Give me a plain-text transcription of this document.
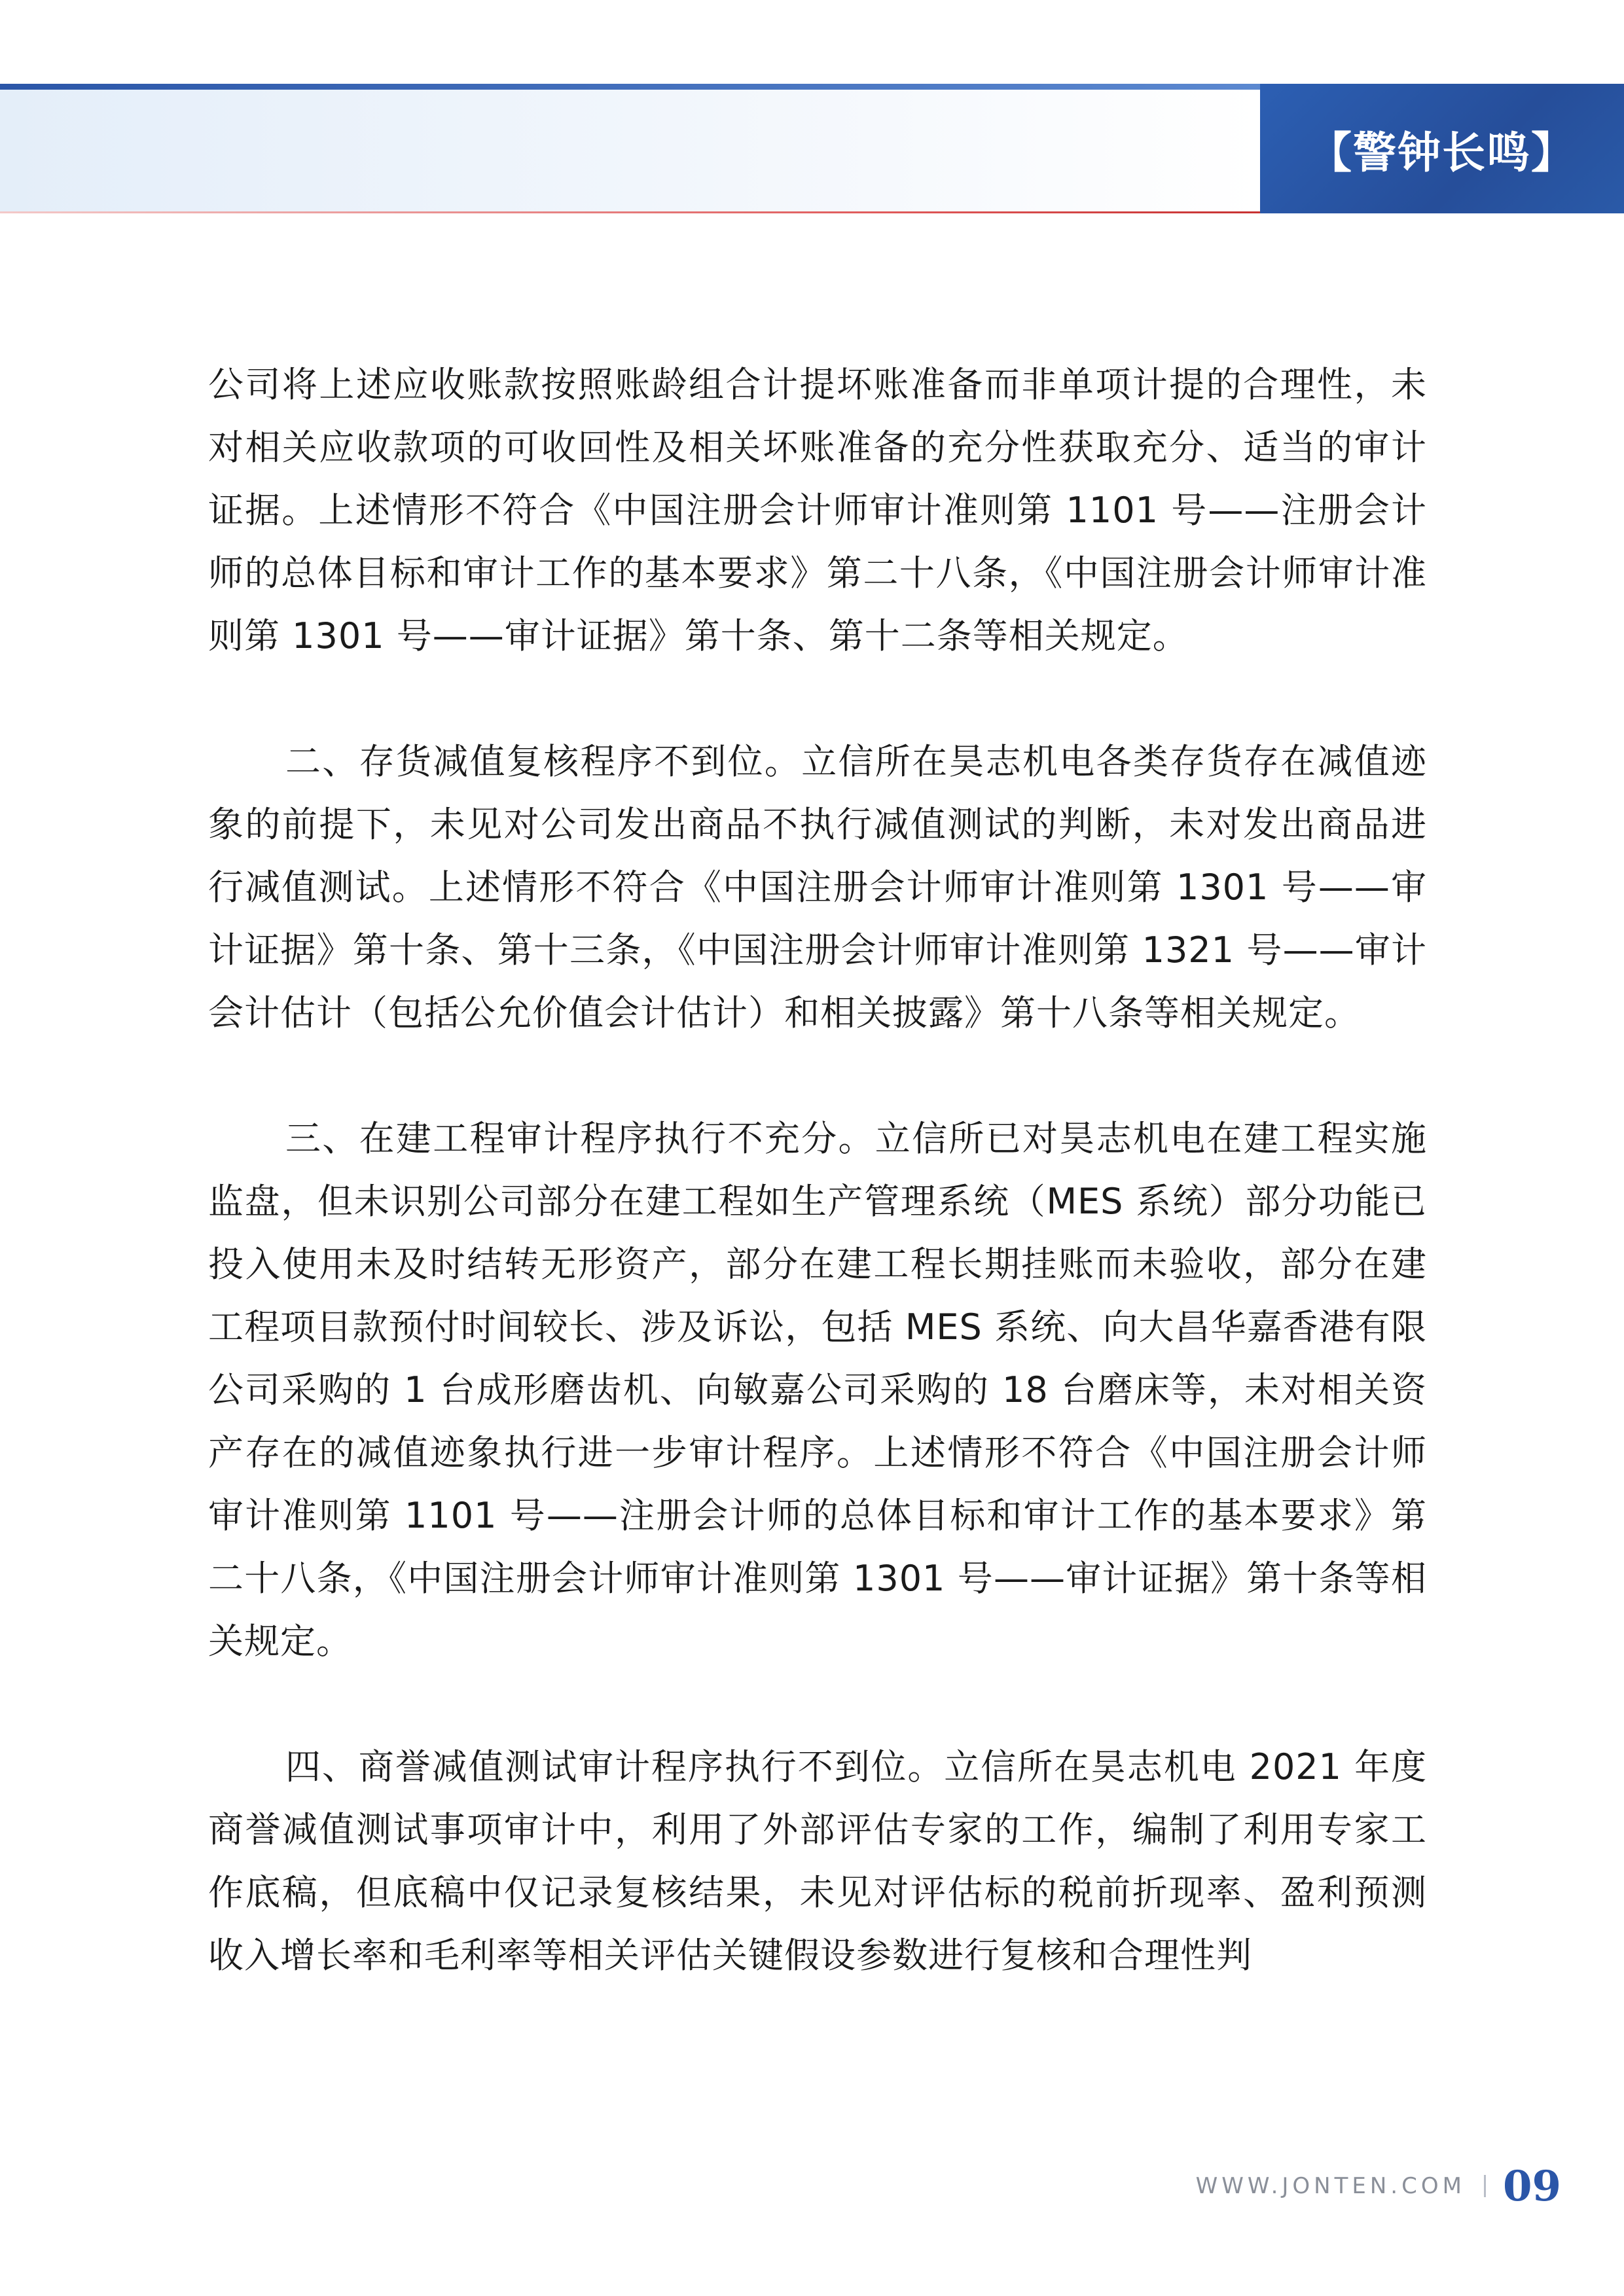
【警钟长鸣】

公司将上述应收账款按照账龄组合计提坏账准备而非单项计提的合理性，未对相关应收款项的可收回性及相关坏账准备的充分性获取充分、适当的审计证据。上述情形不符合《中国注册会计师审计准则第 1101 号——注册会计师的总体目标和审计工作的基本要求》第二十八条，《中国注册会计师审计准则第 1301 号——审计证据》第十条、第十二条等相关规定。

二、存货减值复核程序不到位。立信所在昊志机电各类存货存在减值迹象的前提下，未见对公司发出商品不执行减值测试的判断，未对发出商品进行减值测试。上述情形不符合《中国注册会计师审计准则第 1301 号——审计证据》第十条、第十三条，《中国注册会计师审计准则第 1321 号——审计会计估计（包括公允价值会计估计）和相关披露》第十八条等相关规定。

三、在建工程审计程序执行不充分。立信所已对昊志机电在建工程实施监盘，但未识别公司部分在建工程如生产管理系统（MES 系统）部分功能已投入使用未及时结转无形资产，部分在建工程长期挂账而未验收，部分在建工程项目款预付时间较长、涉及诉讼，包括 MES 系统、向大昌华嘉香港有限公司采购的 1 台成形磨齿机、向敏嘉公司采购的 18 台磨床等，未对相关资产存在的减值迹象执行进一步审计程序。上述情形不符合《中国注册会计师审计准则第 1101 号——注册会计师的总体目标和审计工作的基本要求》第二十八条，《中国注册会计师审计准则第 1301 号——审计证据》第十条等相关规定。

四、商誉减值测试审计程序执行不到位。立信所在昊志机电 2021 年度商誉减值测试事项审计中，利用了外部评估专家的工作，编制了利用专家工作底稿，但底稿中仅记录复核结果，未见对评估标的税前折现率、盈利预测收入增长率和毛利率等相关评估关键假设参数进行复核和合理性判

WWW.JONTEN.COM 09
